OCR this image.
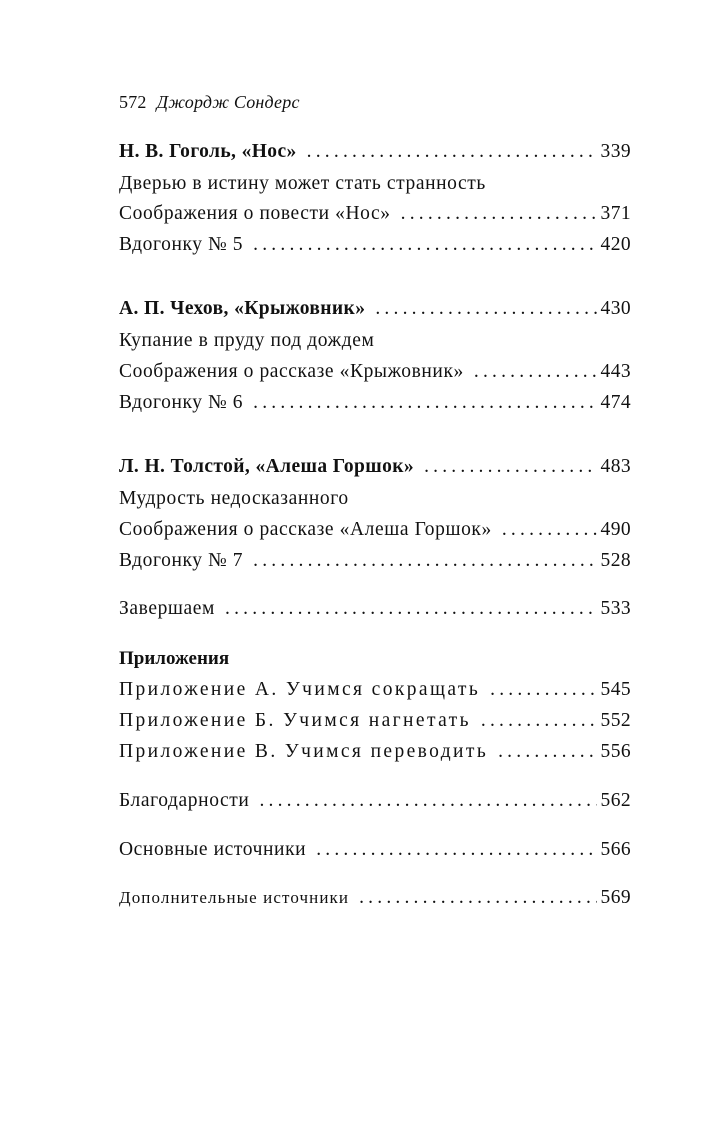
572 Джордж Сондерс
Н. В. Гоголь, «Нос» .....	339
Дверью в истину может стать странность
Соображения о повести «Нос» .....	371
Вдогонку № 5 .....	420
А. П. Чехов, «Крыжовник» .....	430
Купание в пруду под дождем
Соображения о рассказе «Крыжовник» .....	443
Вдогонку № 6 .....	474
Л. Н. Толстой, «Алеша Горшок» .....	483
Мудрость недосказанного
Соображения о рассказе «Алеша Горшок» .....	490
Вдогонку № 7 .....	528
Завершаем .....	533
Приложения
Приложение А. Учимся сокращать .....	545
Приложение Б. Учимся нагнетать .....	552
Приложение В. Учимся переводить .....	556
Благодарности .....	562
Основные источники .....	566
Дополнительные источники .....	569
